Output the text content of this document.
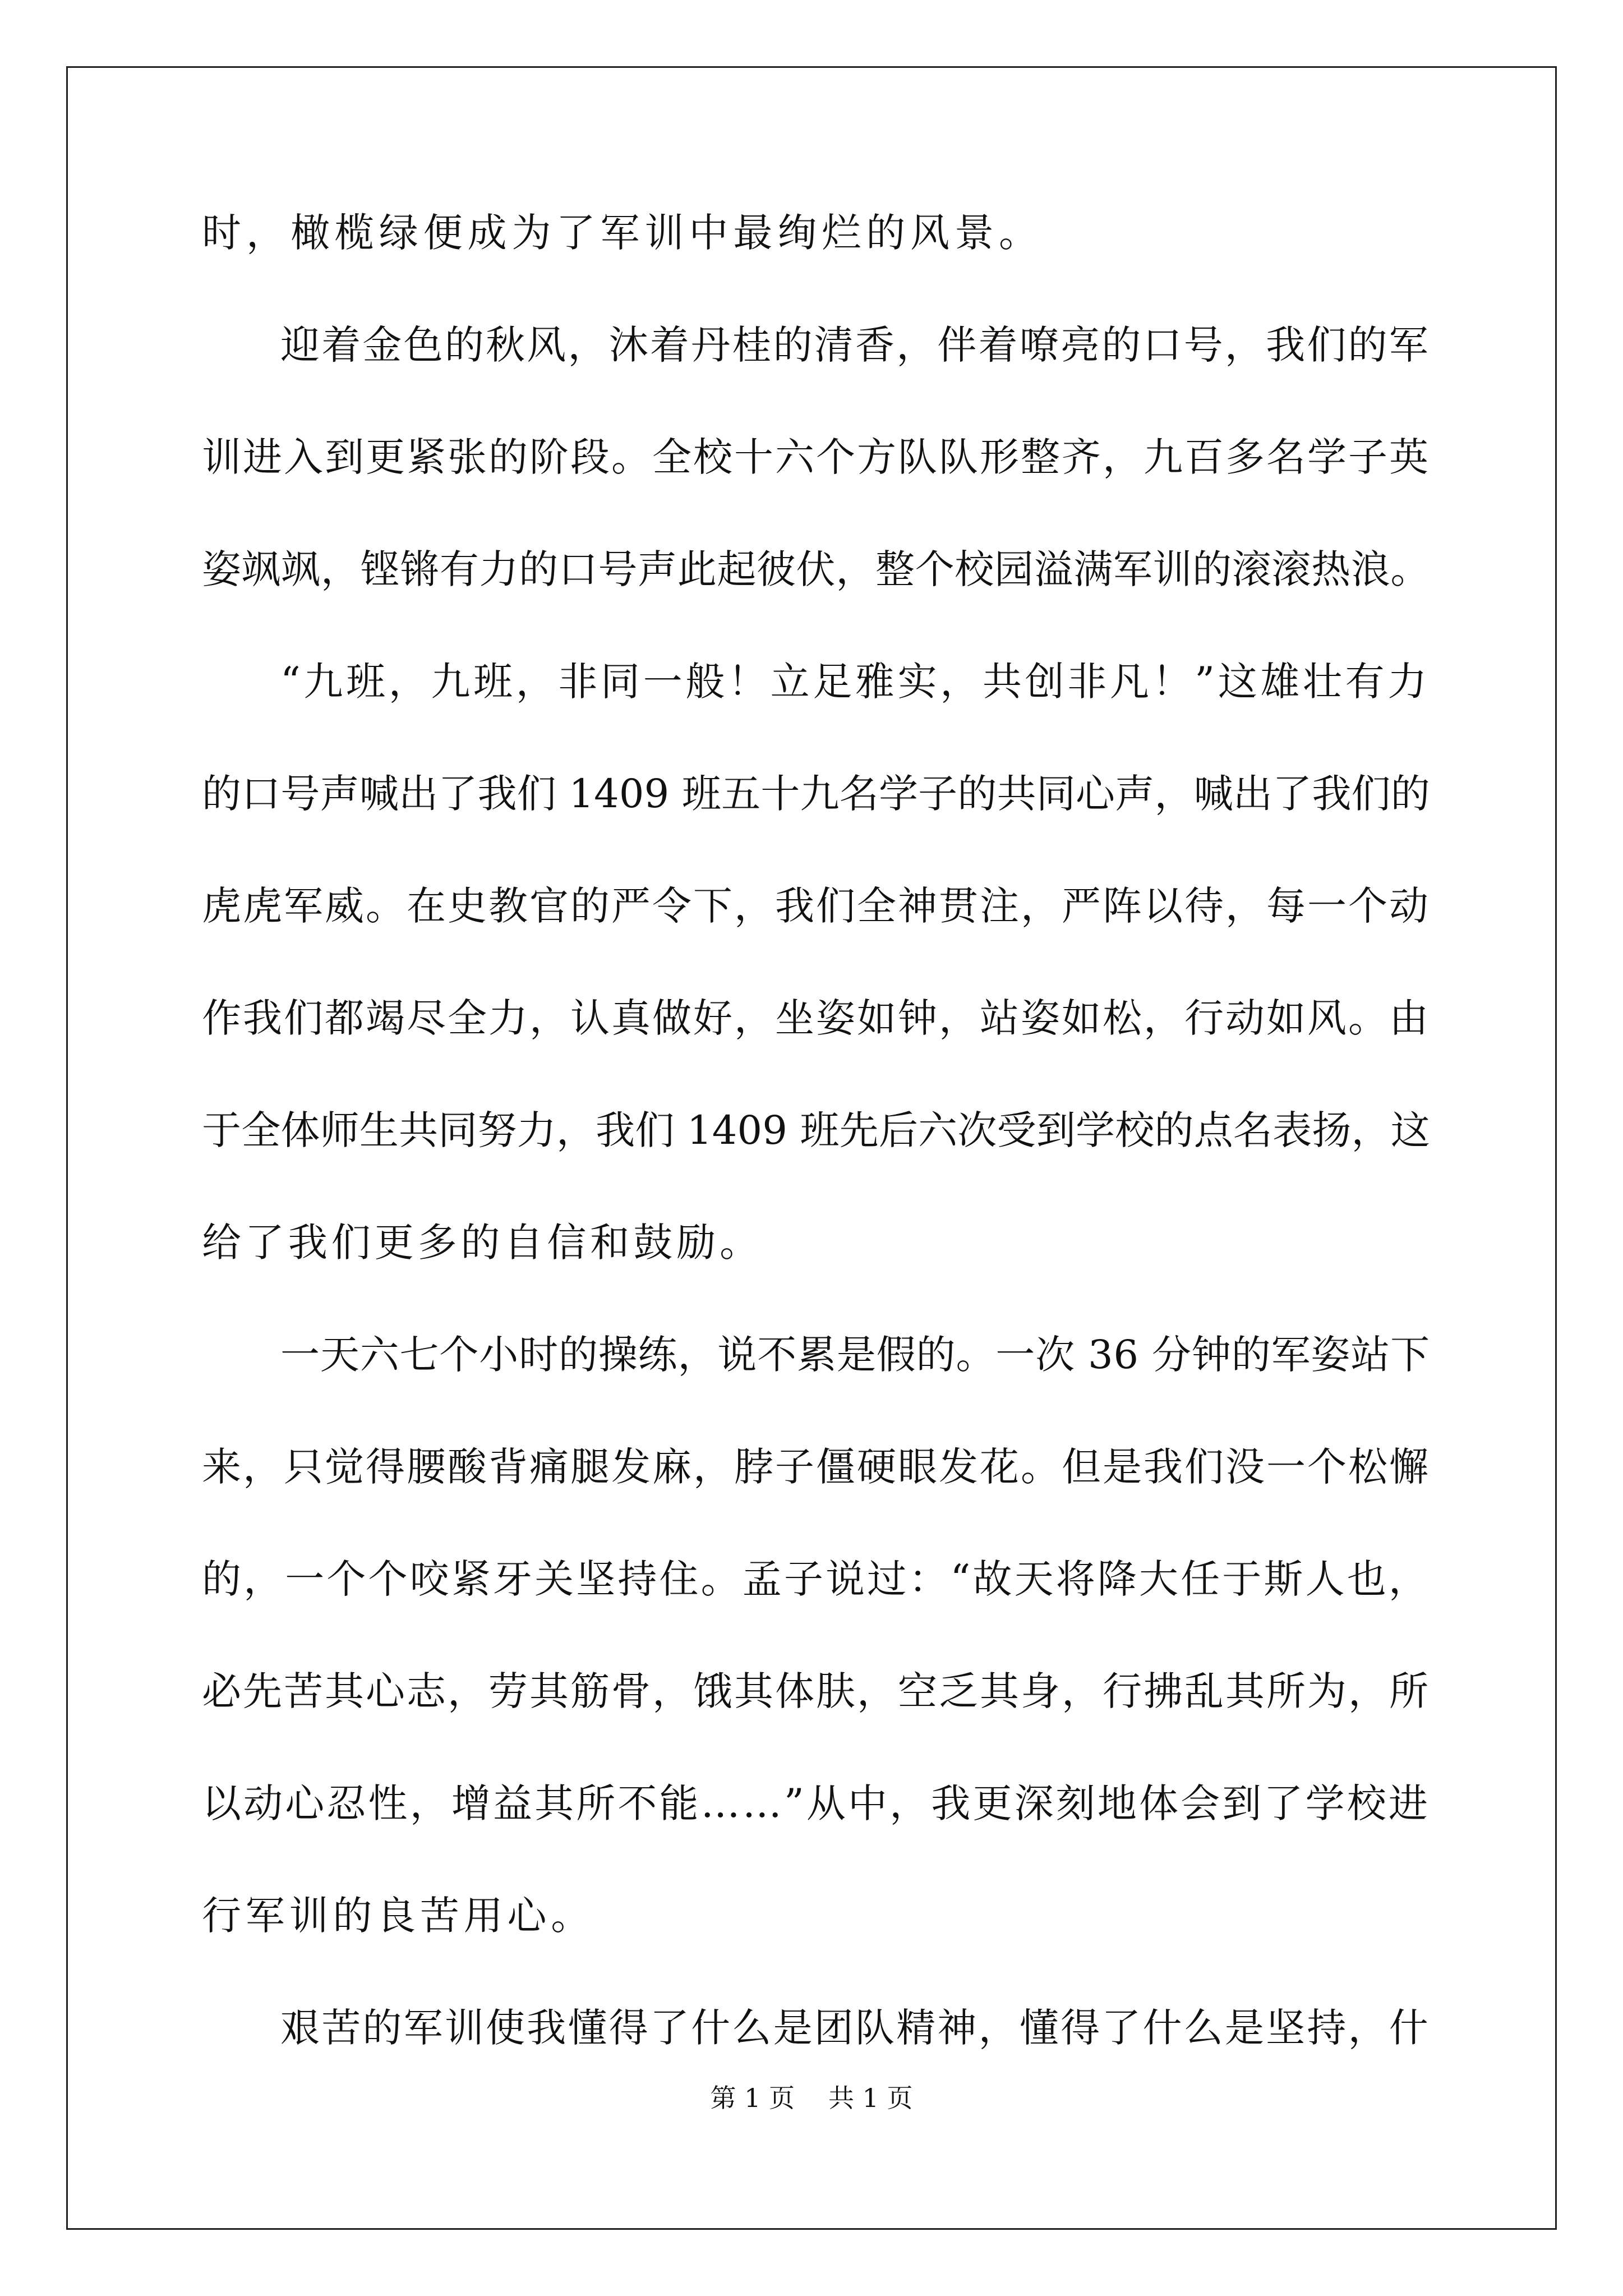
时，橄榄绿便成为了军训中最绚烂的风景。

迎着金色的秋风，沐着丹桂的清香，伴着嘹亮的口号，我们的军

训进入到更紧张的阶段。全校十六个方队队形整齐，九百多名学子英

姿飒飒，铿锵有力的口号声此起彼伏，整个校园溢满军训的滚滚热浪。

“九班，九班，非同一般！立足雅实，共创非凡！”这雄壮有力

的口号声喊出了我们 1409 班五十九名学子的共同心声，喊出了我们的

虎虎军威。在史教官的严令下，我们全神贯注，严阵以待，每一个动

作我们都竭尽全力，认真做好，坐姿如钟，站姿如松，行动如风。由

于全体师生共同努力，我们 1409 班先后六次受到学校的点名表扬，这

给了我们更多的自信和鼓励。

一天六七个小时的操练，说不累是假的。一次 36 分钟的军姿站下

来，只觉得腰酸背痛腿发麻，脖子僵硬眼发花。但是我们没一个松懈

的，一个个咬紧牙关坚持住。孟子说过：“故天将降大任于斯人也，

必先苦其心志，劳其筋骨，饿其体肤，空乏其身，行拂乱其所为，所

以动心忍性，增益其所不能……”从中，我更深刻地体会到了学校进

行军训的良苦用心。

艰苦的军训使我懂得了什么是团队精神，懂得了什么是坚持，什

第 1 页 共 1 页
